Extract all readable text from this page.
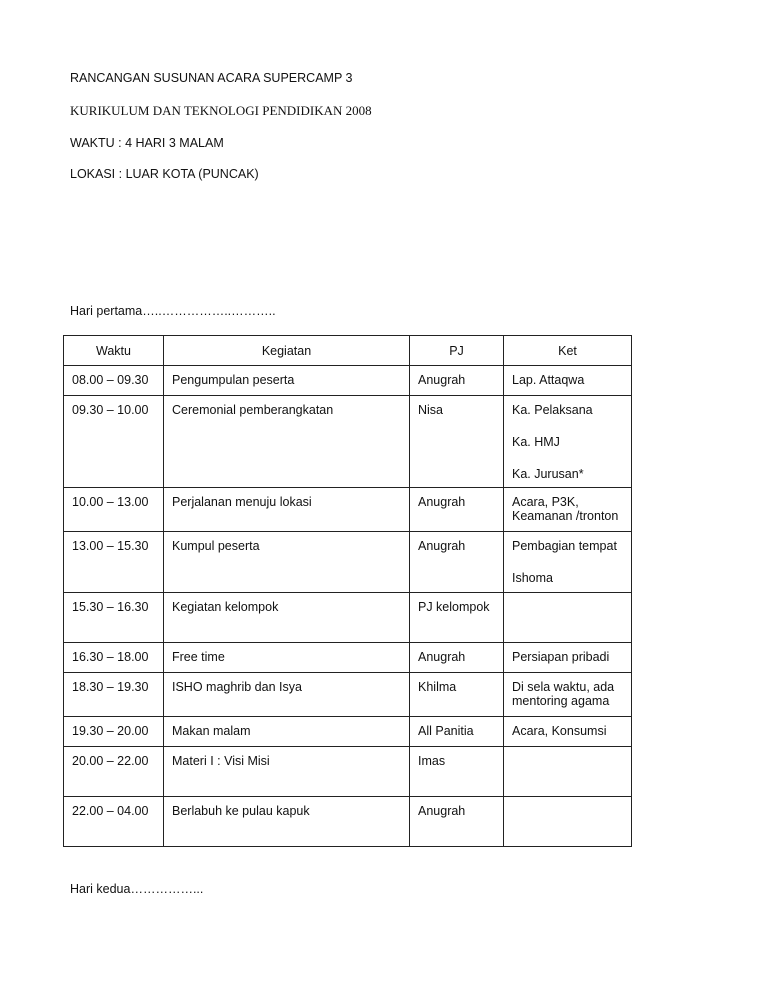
RANCANGAN SUSUNAN ACARA SUPERCAMP 3
KURIKULUM DAN TEKNOLOGI PENDIDIKAN 2008
WAKTU : 4 HARI 3 MALAM
LOKASI : LUAR KOTA (PUNCAK)
Hari pertama…..……………..………..
Waktu	Kegiatan	PJ	Ket
08.00 – 09.30	Pengumpulan peserta	Anugrah	Lap. Attaqwa

09.30 – 10.00	Ceremonial pemberangkatan	Nisa	Ka. Pelaksana
Ka. HMJ
Ka. Jurusan*

10.00 – 13.00	Perjalanan menuju lokasi	Anugrah	Acara, P3K, Keamanan /tronton

13.00 – 15.30	Kumpul peserta	Anugrah	Pembagian tempat
Ishoma

15.30 – 16.30	Kegiatan kelompok	PJ kelompok	
16.30 – 18.00	Free time	Anugrah	Persiapan pribadi

18.30 – 19.30	ISHO maghrib dan Isya	Khilma	Di sela waktu, ada mentoring agama

19.30 – 20.00	Makan malam	All Panitia	Acara, Konsumsi

20.00 – 22.00	Materi I : Visi Misi	Imas	
22.00 – 04.00	Berlabuh ke pulau kapuk	Anugrah	
Hari kedua……………...
